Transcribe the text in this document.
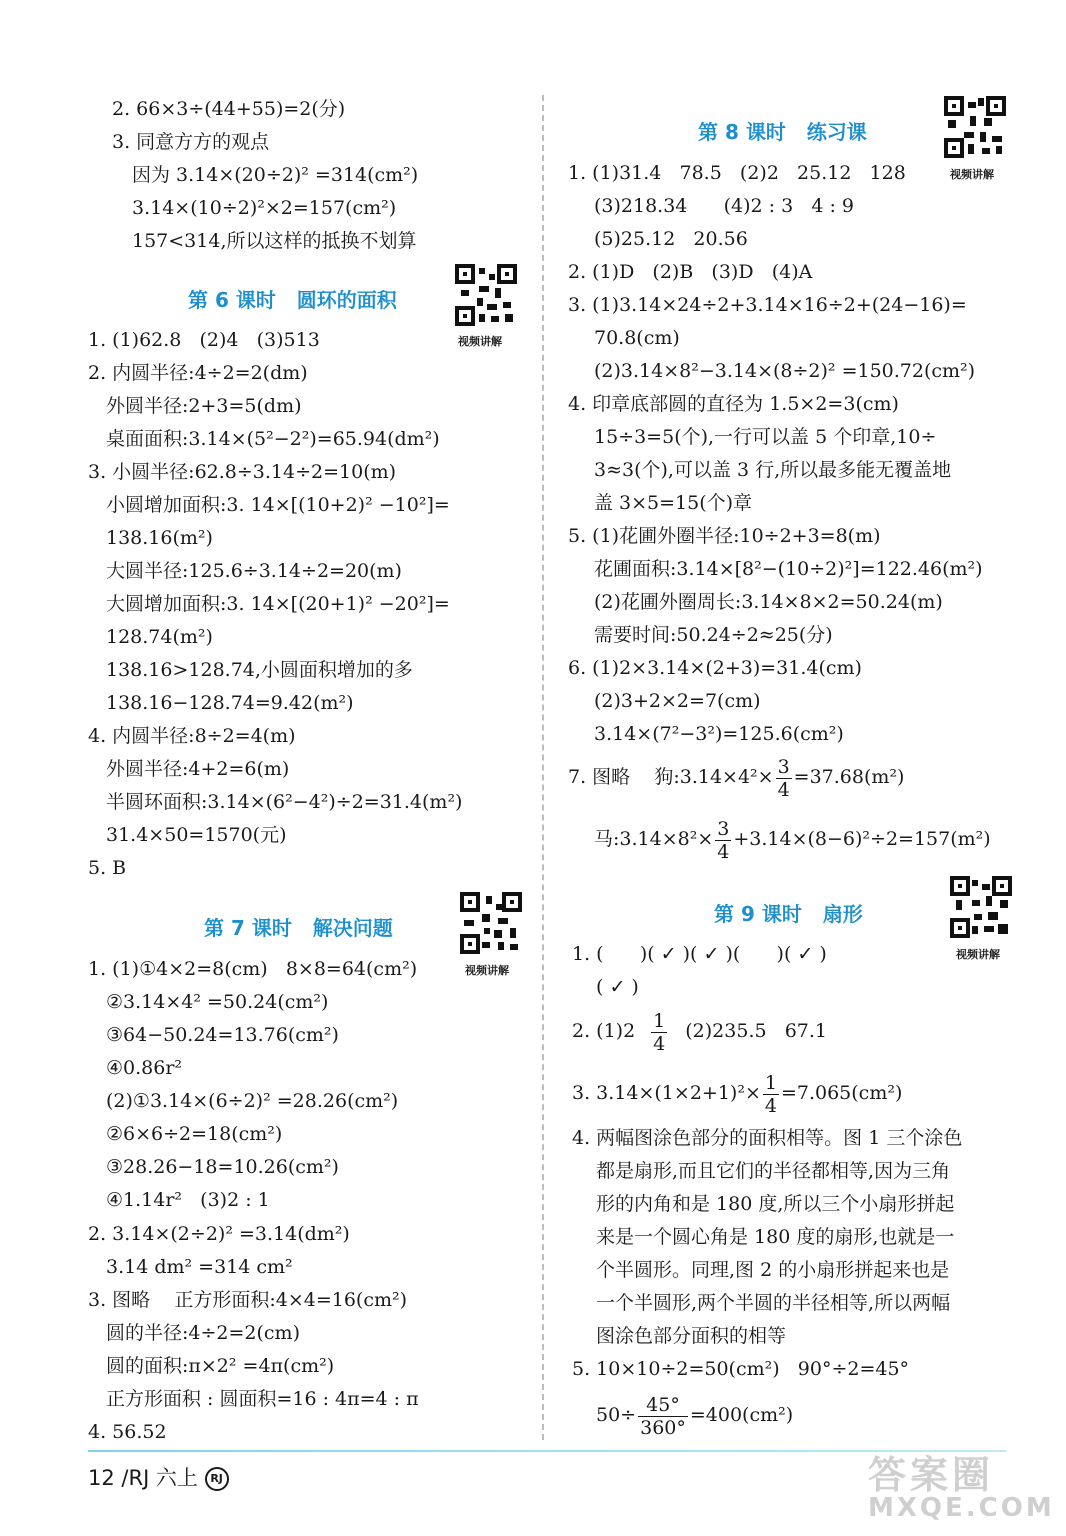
2. 66×3÷(44+55)=2(分)
3. 同意方方的观点
因为 3.14×(20÷2)² =314(cm²)
3.14×(10÷2)²×2=157(cm²)
157<314,所以这样的抵换不划算
第 6 课时   圆环的面积
视频讲解
1. (1)62.8   (2)4   (3)513
2. 内圆半径:4÷2=2(dm)
外圆半径:2+3=5(dm)
桌面面积:3.14×(5²−2²)=65.94(dm²)
3. 小圆半径:62.8÷3.14÷2=10(m)
小圆增加面积:3. 14×[(10+2)² −10²]=
138.16(m²)
大圆半径:125.6÷3.14÷2=20(m)
大圆增加面积:3. 14×[(20+1)² −20²]=
128.74(m²)
138.16>128.74,小圆面积增加的多
138.16−128.74=9.42(m²)
4. 内圆半径:8÷2=4(m)
外圆半径:4+2=6(m)
半圆环面积:3.14×(6²−4²)÷2=31.4(m²)
31.4×50=1570(元)
5. B
第 7 课时   解决问题
视频讲解
1. (1)①4×2=8(cm)   8×8=64(cm²)
②3.14×4² =50.24(cm²)
③64−50.24=13.76(cm²)
④0.86r²
(2)①3.14×(6÷2)² =28.26(cm²)
②6×6÷2=18(cm²)
③28.26−18=10.26(cm²)
④1.14r²   (3)2 : 1
2. 3.14×(2÷2)² =3.14(dm²)
3.14 dm² =314 cm²
3. 图略    正方形面积:4×4=16(cm²)
圆的半径:4÷2=2(cm)
圆的面积:π×2² =4π(cm²)
正方形面积 : 圆面积=16 : 4π=4 : π
4. 56.52
第 8 课时   练习课
视频讲解
1. (1)31.4   78.5   (2)2   25.12   128
(3)218.34      (4)2 : 3   4 : 9
(5)25.12   20.56
2. (1)D   (2)B   (3)D   (4)A
3. (1)3.14×24÷2+3.14×16÷2+(24−16)=
70.8(cm)
(2)3.14×8²−3.14×(8÷2)² =150.72(cm²)
4. 印章底部圆的直径为 1.5×2=3(cm)
15÷3=5(个),一行可以盖 5 个印章,10÷
3≈3(个),可以盖 3 行,所以最多能无覆盖地
盖 3×5=15(个)章
5. (1)花圃外圈半径:10÷2+3=8(m)
花圃面积:3.14×[8²−(10÷2)²]=122.46(m²)
(2)花圃外圈周长:3.14×8×2=50.24(m)
需要时间:50.24÷2≈25(分)
6. (1)2×3.14×(2+3)=31.4(cm)
(2)3+2×2=7(cm)
3.14×(7²−3²)=125.6(cm²)
7. 图略    狗:3.14×4²× $\frac{3}{4} =37.68(m^2)$
马:3.14×8²× $\frac{3}{4} +3.14\times(8-6)^2\div 2=157(m^2)$
第 9 课时   扇形
视频讲解
1. (      )( ✓ )( ✓ )(      )( ✓ )
( ✓ )
2. $(1)2 \frac{1}{4} (2)235.5$   67.1
3. $3.14\times(1\times 2+1)^2\times \frac{1}{4} =7.065(cm^2)$
4. 两幅图涂色部分的面积相等。图 1 三个涂色
都是扇形,而且它们的半径都相等,因为三角
形的内角和是 180 度,所以三个小扇形拼起
来是一个圆心角是 180 度的扇形,也就是一
个半圆形。同理,图 2 的小扇形拼起来也是
一个半圆形,两个半圆的半径相等,所以两幅
图涂色部分面积的相等
5. 10×10÷2=50(cm²)   90°÷2=45°
$50\div \frac{45^\circ}{360^\circ} =400(cm^2)$
12 /RJ 六上 RJ	答案圈
MXQE.COM
